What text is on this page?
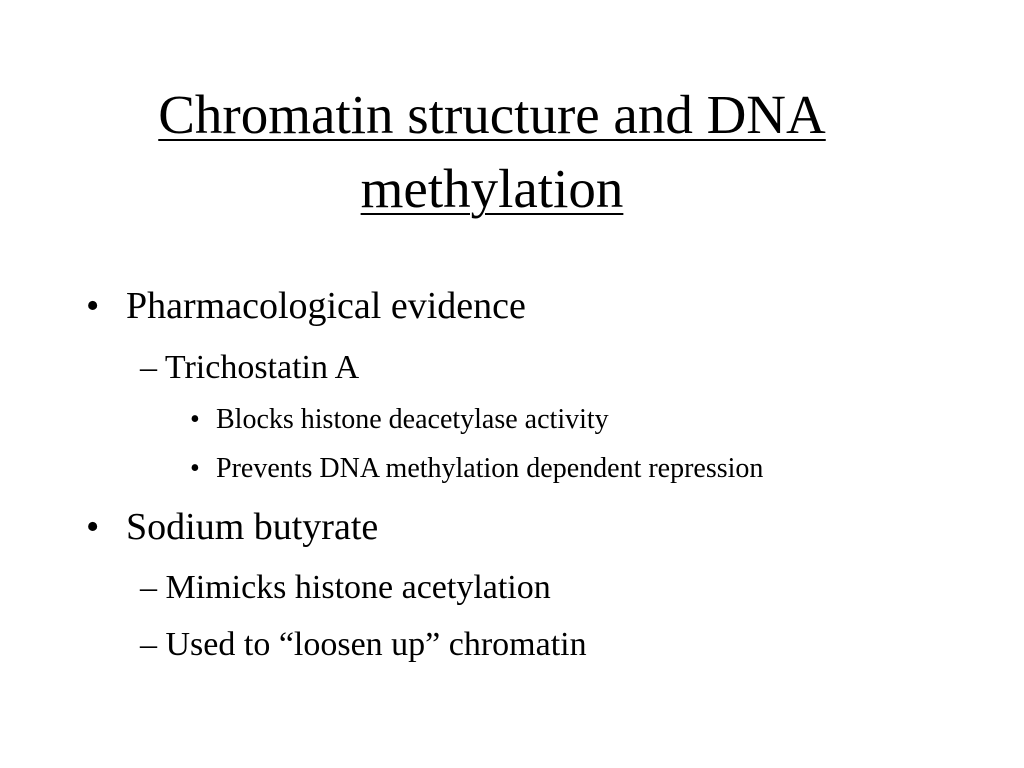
Chromatin structure and DNA
methylation
• Pharmacological evidence
– Trichostatin A
• Blocks histone deacetylase activity
• Prevents DNA methylation dependent repression
• Sodium butyrate
– Mimicks histone acetylation
– Used to “loosen up” chromatin
